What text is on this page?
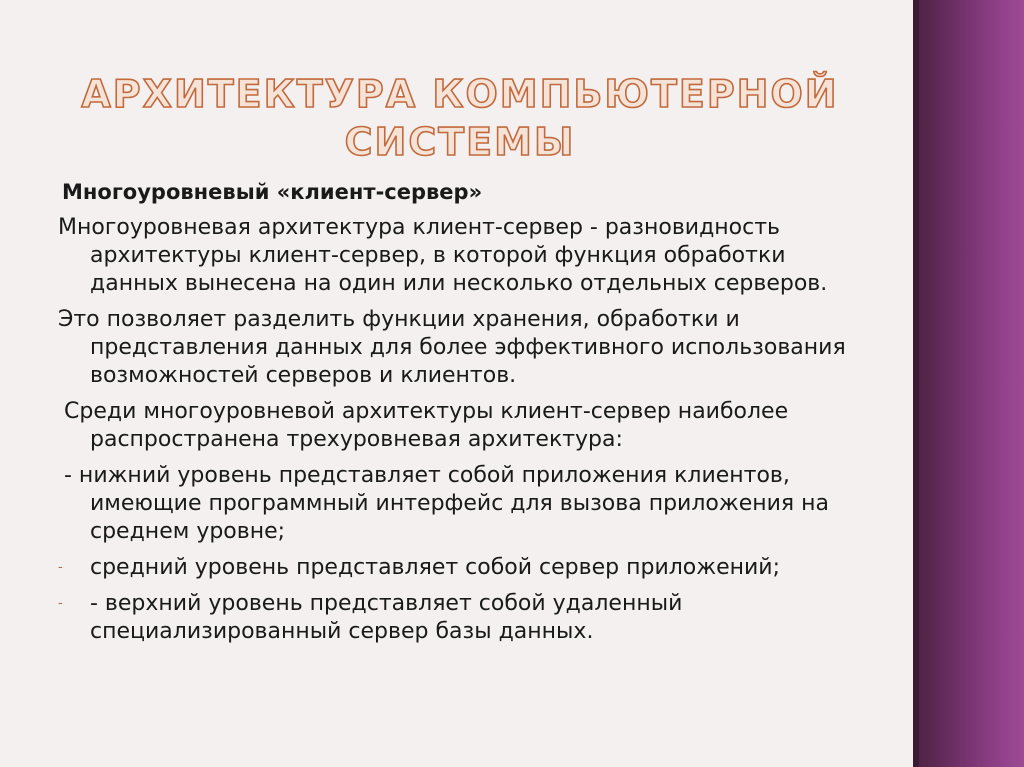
АРХИТЕКТУРА КОМПЬЮТЕРНОЙ СИСТЕМЫ
Многоуровневый «клиент-сервер»
Многоуровневая архитектура клиент-сервер - разновидность архитектуры клиент-сервер, в которой функция обработки данных вынесена на один или несколько отдельных серверов.
Это позволяет разделить функции хранения, обработки и представления данных для более эффективного использования возможностей серверов и клиентов.
Среди многоуровневой архитектуры клиент-сервер наиболее распространена трехуровневая архитектура:
- нижний уровень представляет собой приложения клиентов, имеющие программный интерфейс для вызова приложения на среднем уровне;
- средний уровень представляет собой сервер приложений;
- - верхний уровень представляет собой удаленный специализированный сервер базы данных.
